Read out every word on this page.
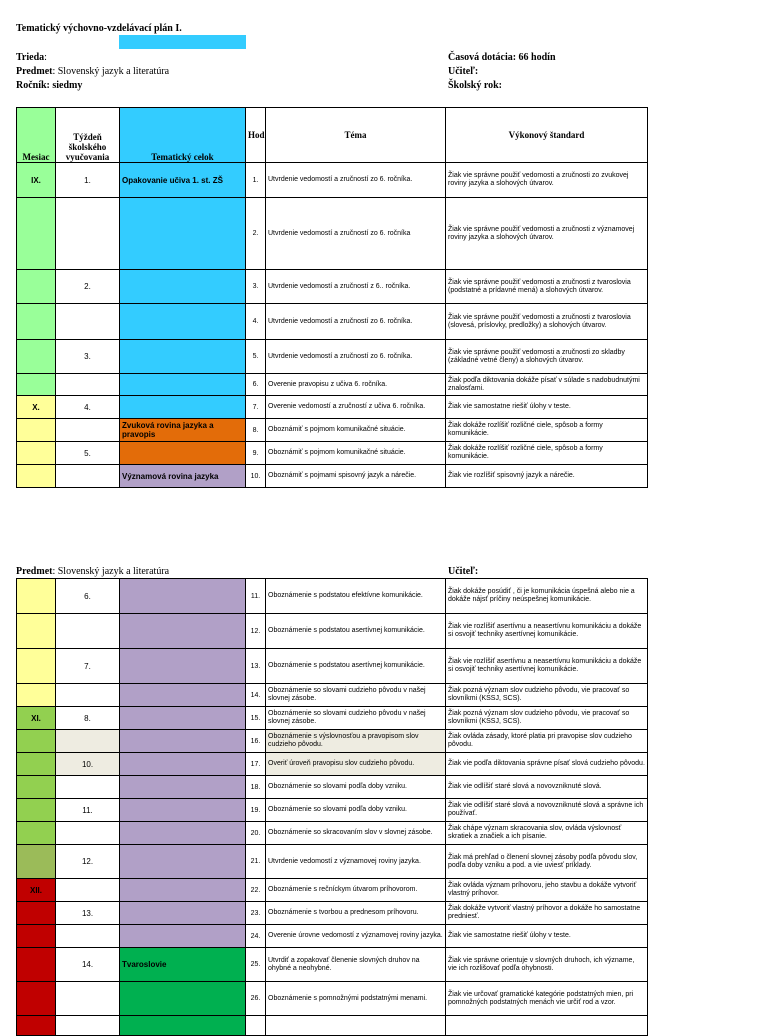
Tematický výchovno-vzdelávací plán I.
Trieda:
Predmet: Slovenský jazyk a literatúra
Ročník: siedmy
Časová dotácia: 66 hodín
Učiteľ:
Školský rok:
Mesiac	Týždeň školského vyučovania	Tematický celok	Hod	Téma	Výkonový štandard
IX.	1.	Opakovanie učiva 1. st. ZŠ	1.	Utvrdenie vedomostí a zručností zo 6. ročníka.	Žiak vie správne použiť vedomosti a zručnosti zo zvukovej roviny jazyka a slohových útvarov.
			2.	Utvrdenie vedomostí a zručností zo 6. ročníka	Žiak vie správne použiť vedomosti a zručnosti z významovej roviny jazyka a slohových útvarov.
	2.		3.	Utvrdenie vedomostí a zručností z 6.. ročníka.	Žiak vie správne použiť vedomosti a zručnosti z tvaroslovia (podstatné a prídavné mená) a slohových útvarov.
			4.	Utvrdenie vedomostí a zručností zo 6. ročníka.	Žiak vie správne použiť vedomosti a zručnosti z tvaroslovia (slovesá, príslovky, predložky) a slohových útvarov.
	3.		5.	Utvrdenie vedomostí a zručností zo 6. ročníka.	Žiak vie správne použiť vedomosti a zručnosti zo skladby (základné vetné členy) a slohových útvarov.
			6.	Overenie pravopisu z učiva 6. ročníka.	Žiak podľa diktovania dokáže písať v súlade s nadobudnutými znalosťami.
X.	4.		7.	Overenie vedomostí a zručností z učiva 6. ročníka.	Žiak vie samostatne riešiť úlohy v teste.
		Zvuková rovina jazyka a pravopis	8.	Oboznámiť s pojmom komunikačné situácie.	Žiak dokáže rozlíšiť rozličné ciele, spôsob a formy komunikácie.
	5.		9.	Oboznámiť s pojmom komunikačné situácie.	Žiak dokáže rozlíšiť rozličné ciele, spôsob a formy komunikácie.
		Významová rovina jazyka	10.	Oboznámiť s pojmami spisovný jazyk a nárečie.	Žiak vie rozlíšiť spisovný jazyk a nárečie.
Predmet: Slovenský jazyk a literatúra	Učiteľ:
	6.		11.	Oboznámenie s podstatou efektívne komunikácie.	Žiak dokáže posúdiť , či je komunikácia úspešná alebo nie a dokáže nájsť príčiny neúspešnej komunikácie.
			12.	Oboznámenie s podstatou asertívnej komunikácie.	Žiak vie rozlíšiť asertívnu a neasertívnu komunikáciu a dokáže si osvojiť techniky asertívnej komunikácie.
	7.		13.	Oboznámenie s podstatou asertívnej komunikácie.	Žiak vie rozlíšiť asertívnu a neasertívnu komunikáciu a dokáže si osvojiť techniky asertívnej komunikácie.
			14.	Oboznámenie so slovami cudzieho pôvodu v našej slovnej zásobe.	Žiak pozná význam slov cudzieho pôvodu, vie pracovať so slovníkmi (KSSJ, SCS).
XI.	8.		15.	Oboznámenie so slovami cudzieho pôvodu v našej slovnej zásobe.	Žiak pozná význam slov cudzieho pôvodu, vie pracovať so slovníkmi (KSSJ, SCS).
			16.	Oboznámenie s výslovnosťou a pravopisom slov cudzieho pôvodu.	Žiak ovláda zásady, ktoré platia pri pravopise slov cudzieho pôvodu.
	10.		17.	Overiť úroveň pravopisu slov cudzieho pôvodu.	Žiak vie podľa diktovania správne písať slová cudzieho pôvodu.
			18.	Oboznámenie so slovami podľa doby vzniku.	Žiak vie odlíšiť staré slová a novovzniknuté slová.
	11.		19.	Oboznámenie so slovami podľa doby vzniku.	Žiak vie odlíšiť staré slová a novovzniknuté slová a správne ich používať.
			20.	Oboznámenie so skracovaním slov v slovnej zásobe.	Žiak chápe význam skracovania slov, ovláda výslovnosť skratiek a značiek a ich písanie.
	12.		21.	Utvrdenie vedomostí z významovej roviny jazyka.	Žiak má prehľad o členení slovnej zásoby podľa pôvodu slov, podľa doby vzniku a pod. a vie uviesť príklady.
XII.			22.	Oboznámenie s rečníckym útvarom príhovorom.	Žiak ovláda význam príhovoru, jeho stavbu a dokáže vytvoriť vlastný príhovor.
	13.		23.	Oboznámenie s tvorbou a prednesom príhovoru.	Žiak dokáže vytvoriť vlastný príhovor a dokáže ho samostatne predniesť.
			24.	Overenie úrovne vedomostí z významovej roviny jazyka.	Žiak vie samostatne riešiť úlohy v teste.
	14.	Tvaroslovie	25.	Utvrdiť a zopakovať členenie slovných druhov na ohybné a neohybné.	Žiak vie správne orientuje v slovných druhoch, ich význame, vie ich rozlišovať podľa ohybnosti.
			26.	Oboznámenie s pomnožnými podstatnými menami.	Žiak vie určovať gramatické kategórie podstatných mien, pri pomnožných podstatných menách vie určiť rod a vzor.
